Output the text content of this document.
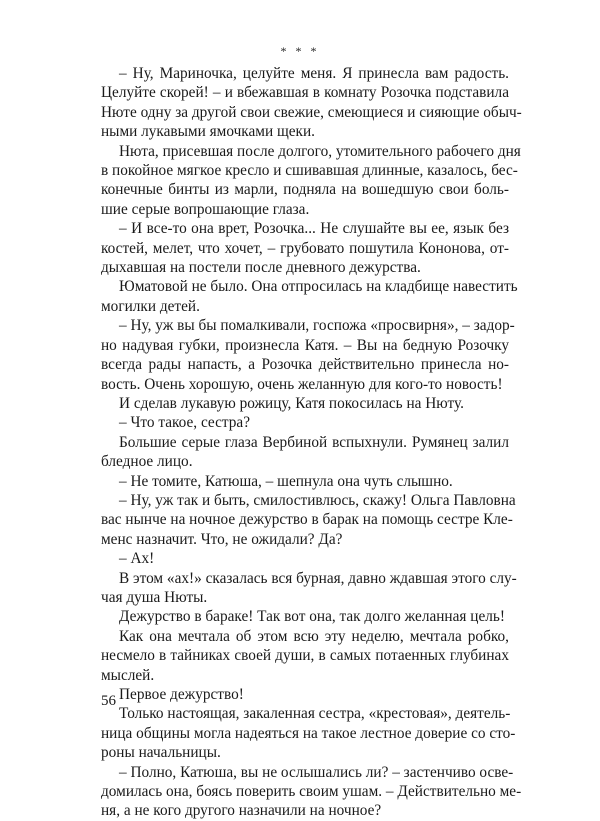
* * *

– Ну, Мариночка, целуйте меня. Я принесла вам радость.
Целуйте скорей! – и вбежавшая в комнату Розочка подставила
Нюте одну за другой свои свежие, смеющиеся и сияющие обыч-
ными лукавыми ямочками щеки.

Нюта, присевшая после долгого, утомительного рабочего дня
в покойное мягкое кресло и сшивавшая длинные, казалось, бес-
конечные бинты из марли, подняла на вошедшую свои боль-
шие серые вопрошающие глаза.

– И все-то она врет, Розочка... Не слушайте вы ее, язык без
костей, мелет, что хочет, – грубовато пошутила Кононова, от-
дыхавшая на постели после дневного дежурства.

Юматовой не было. Она отпросилась на кладбище навестить
могилки детей.

– Ну, уж вы бы помалкивали, госпожа «просвирня», – задор-
но надувая губки, произнесла Катя. – Вы на бедную Розочку
всегда рады напасть, а Розочка действительно принесла но-
вость. Очень хорошую, очень желанную для кого-то новость!

И сделав лукавую рожицу, Катя покосилась на Нюту.

– Что такое, сестра?

Большие серые глаза Вербиной вспыхнули. Румянец залил
бледное лицо.

– Не томите, Катюша, – шепнула она чуть слышно.

– Ну, уж так и быть, смилостивлюсь, скажу! Ольга Павловна
вас нынче на ночное дежурство в барак на помощь сестре Кле-
менс назначит. Что, не ожидали? Да?

– Ах!

В этом «ах!» сказалась вся бурная, давно ждавшая этого слу-
чая душа Нюты.

Дежурство в бараке! Так вот она, так долго желанная цель!

Как она мечтала об этом всю эту неделю, мечтала робко,
несмело в тайниках своей души, в самых потаенных глубинах
мыслей.

Первое дежурство!

Только настоящая, закаленная сестра, «крестовая», деятель-
ница общины могла надеяться на такое лестное доверие со сто-
роны начальницы.

– Полно, Катюша, вы не ослышались ли? – застенчиво осве-
домилась она, боясь поверить своим ушам. – Действительно ме-
ня, а не кого другого назначили на ночное?

56
